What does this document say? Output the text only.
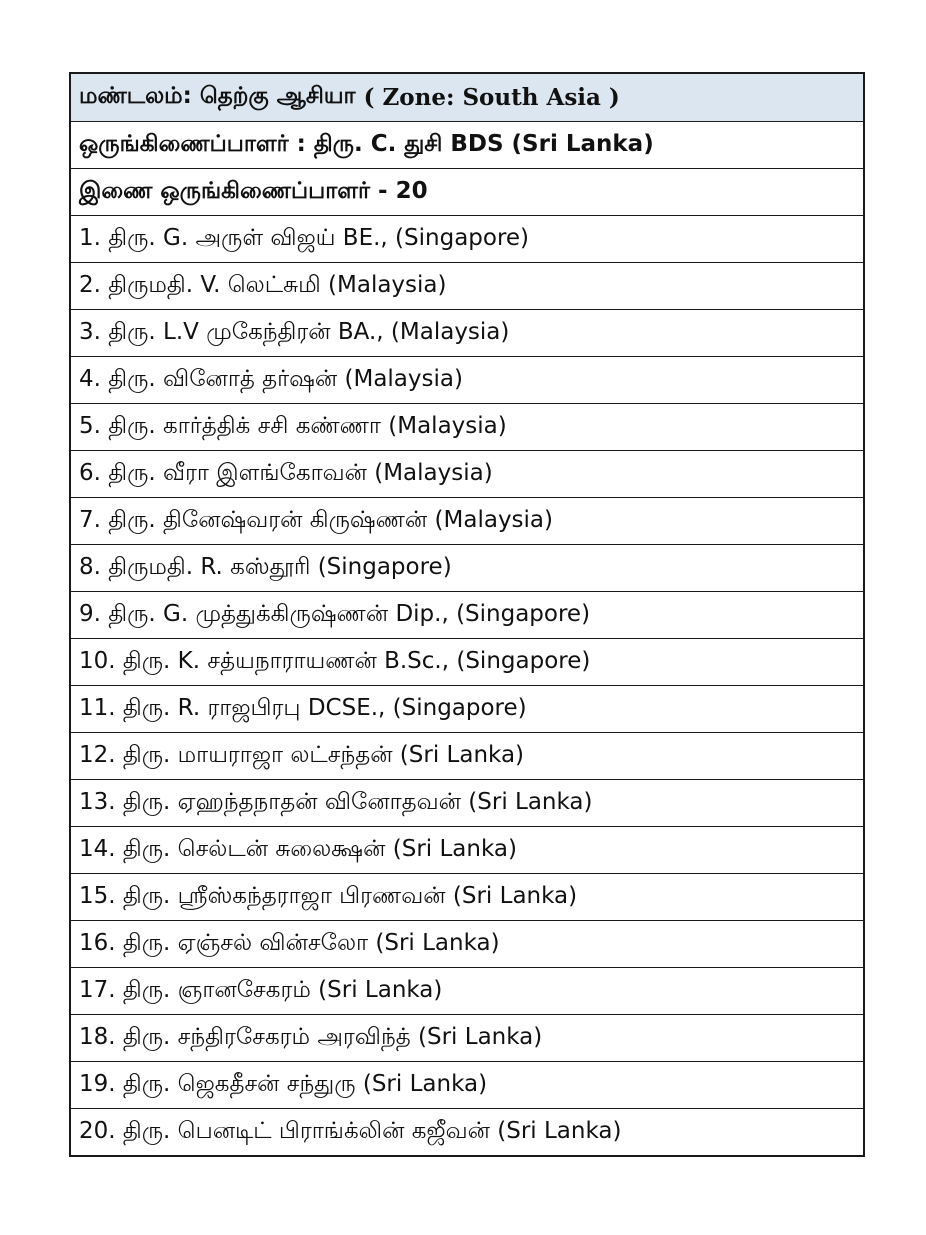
மண்டலம்: தெற்கு ஆசியா ( Zone: South Asia )
ஒருங்கிணைப்பாளர் : திரு. C. துசி BDS (Sri Lanka)
இணை ஒருங்கிணைப்பாளர் - 20
1. திரு. G. அருள் விஜய் BE., (Singapore)
2. திருமதி. V. லெட்சுமி (Malaysia)
3. திரு. L.V முகேந்திரன் BA., (Malaysia)
4. திரு. வினோத் தர்ஷன் (Malaysia)
5. திரு. கார்த்திக் சசி கண்ணா (Malaysia)
6. திரு. வீரா இளங்கோவன் (Malaysia)
7. திரு. தினேஷ்வரன் கிருஷ்ணன் (Malaysia)
8. திருமதி. R. கஸ்தூரி (Singapore)
9. திரு. G. முத்துக்கிருஷ்ணன் Dip., (Singapore)
10. திரு. K. சத்யநாராயணன் B.Sc., (Singapore)
11. திரு. R. ராஜபிரபு DCSE., (Singapore)
12. திரு. மாயராஜா லட்சந்தன் (Sri Lanka)
13. திரு. ஏஹந்தநாதன் வினோதவன் (Sri Lanka)
14. திரு. செல்டன் சுலைக்ஷன் (Sri Lanka)
15. திரு. ஸ்ரீஸ்கந்தராஜா பிரணவன் (Sri Lanka)
16. திரு. ஏஞ்சல் வின்சலோ (Sri Lanka)
17. திரு. ஞானசேகரம் (Sri Lanka)
18. திரு. சந்திரசேகரம் அரவிந்த் (Sri Lanka)
19. திரு. ஜெகதீசன் சந்துரு (Sri Lanka)
20. திரு. பெனடிட் பிராங்க்லின் கஜீவன் (Sri Lanka)
